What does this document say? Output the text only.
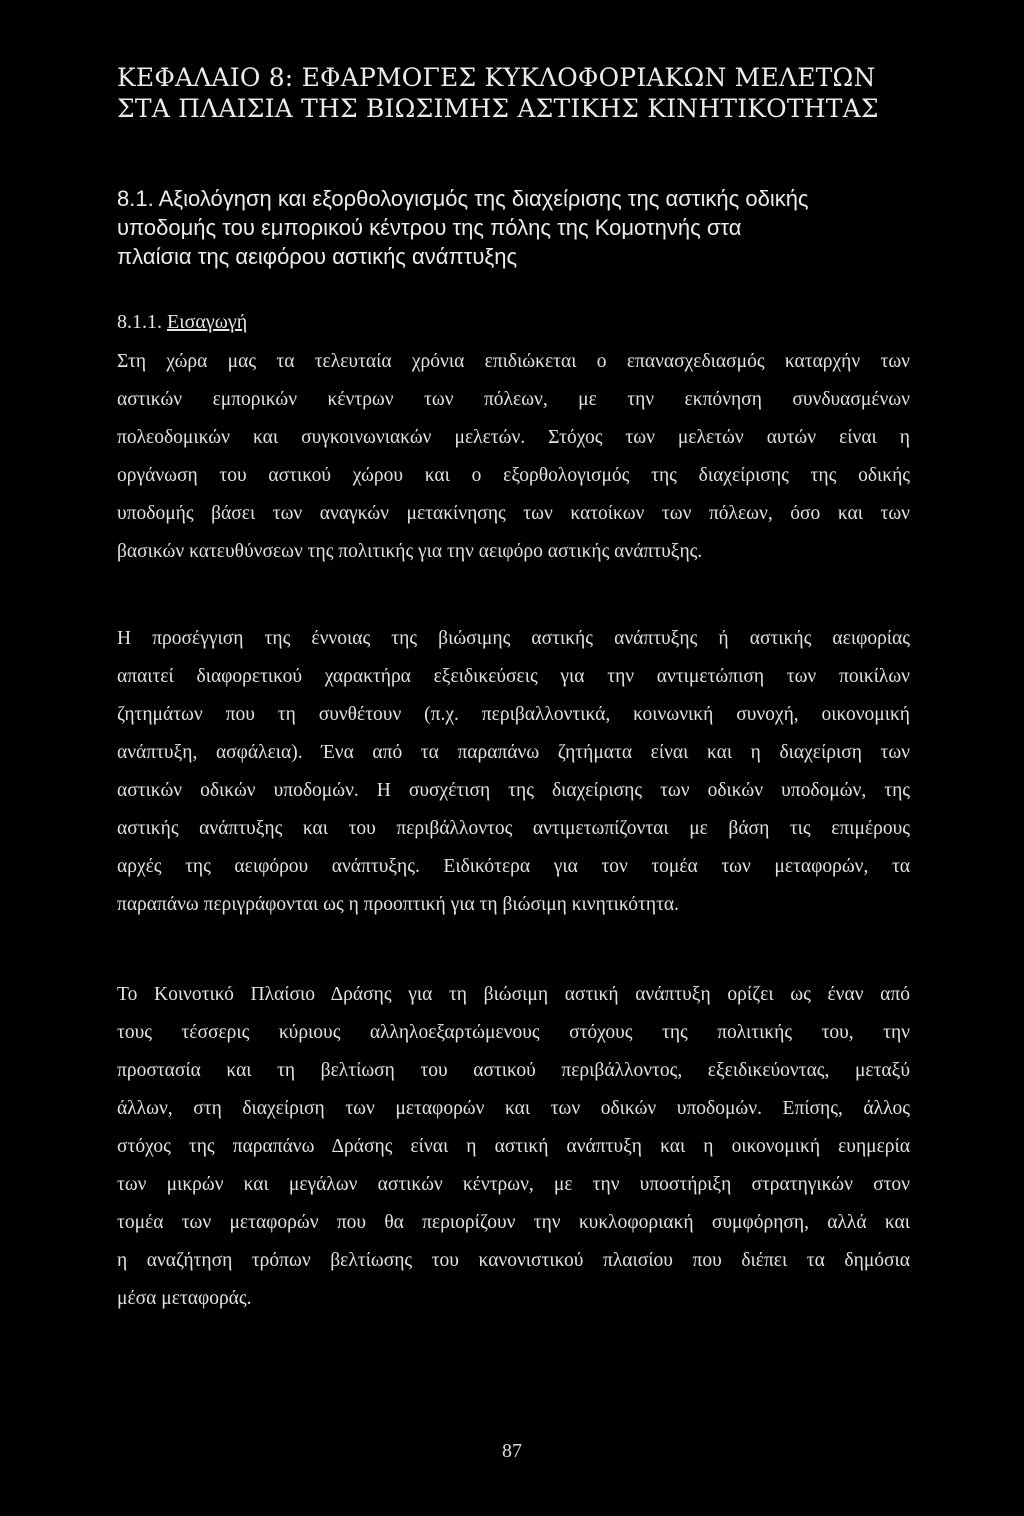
ΚΕΦΑΛΑΙΟ 8: ΕΦΑΡΜΟΓΕΣ ΚΥΚΛΟΦΟΡΙΑΚΩΝ ΜΕΛΕΤΩΝ
ΣΤΑ ΠΛΑΙΣΙΑ ΤΗΣ ΒΙΩΣΙΜΗΣ ΑΣΤΙΚΗΣ ΚΙΝΗΤΙΚΟΤΗΤΑΣ
8.1. Αξιολόγηση και εξορθολογισμός της διαχείρισης της αστικής οδικής
υποδομής του εμπορικού κέντρου της πόλης της Κομοτηνής στα
πλαίσια της αειφόρου αστικής ανάπτυξης
8.1.1. Εισαγωγή
Στη χώρα μας τα τελευταία χρόνια επιδιώκεται ο επανασχεδιασμός καταρχήν των
αστικών εμπορικών κέντρων των πόλεων, με την εκπόνηση συνδυασμένων
πολεοδομικών και συγκοινωνιακών μελετών. Στόχος των μελετών αυτών είναι η
οργάνωση του αστικού χώρου και ο εξορθολογισμός της διαχείρισης της οδικής
υποδομής βάσει των αναγκών μετακίνησης των κατοίκων των πόλεων, όσο και των
βασικών κατευθύνσεων της πολιτικής για την αειφόρο αστικής ανάπτυξης.
Η προσέγγιση της έννοιας της βιώσιμης αστικής ανάπτυξης ή αστικής αειφορίας
απαιτεί διαφορετικού χαρακτήρα εξειδικεύσεις για την αντιμετώπιση των ποικίλων
ζητημάτων που τη συνθέτουν (π.χ. περιβαλλοντικά, κοινωνική συνοχή, οικονομική
ανάπτυξη, ασφάλεια). Ένα από τα παραπάνω ζητήματα είναι και η διαχείριση των
αστικών οδικών υποδομών. Η συσχέτιση της διαχείρισης των οδικών υποδομών, της
αστικής ανάπτυξης και του περιβάλλοντος αντιμετωπίζονται με βάση τις επιμέρους
αρχές της αειφόρου ανάπτυξης. Ειδικότερα για τον τομέα των μεταφορών, τα
παραπάνω περιγράφονται ως η προοπτική για τη βιώσιμη κινητικότητα.
Το Κοινοτικό Πλαίσιο Δράσης για τη βιώσιμη αστική ανάπτυξη ορίζει ως έναν από
τους τέσσερις κύριους αλληλοεξαρτώμενους στόχους της πολιτικής του, την
προστασία και τη βελτίωση του αστικού περιβάλλοντος, εξειδικεύοντας, μεταξύ
άλλων, στη διαχείριση των μεταφορών και των οδικών υποδομών. Επίσης, άλλος
στόχος της παραπάνω Δράσης είναι η αστική ανάπτυξη και η οικονομική ευημερία
των μικρών και μεγάλων αστικών κέντρων, με την υποστήριξη στρατηγικών στον
τομέα των μεταφορών που θα περιορίζουν την κυκλοφοριακή συμφόρηση, αλλά και
η αναζήτηση τρόπων βελτίωσης του κανονιστικού πλαισίου που διέπει τα δημόσια
μέσα μεταφοράς.
87
